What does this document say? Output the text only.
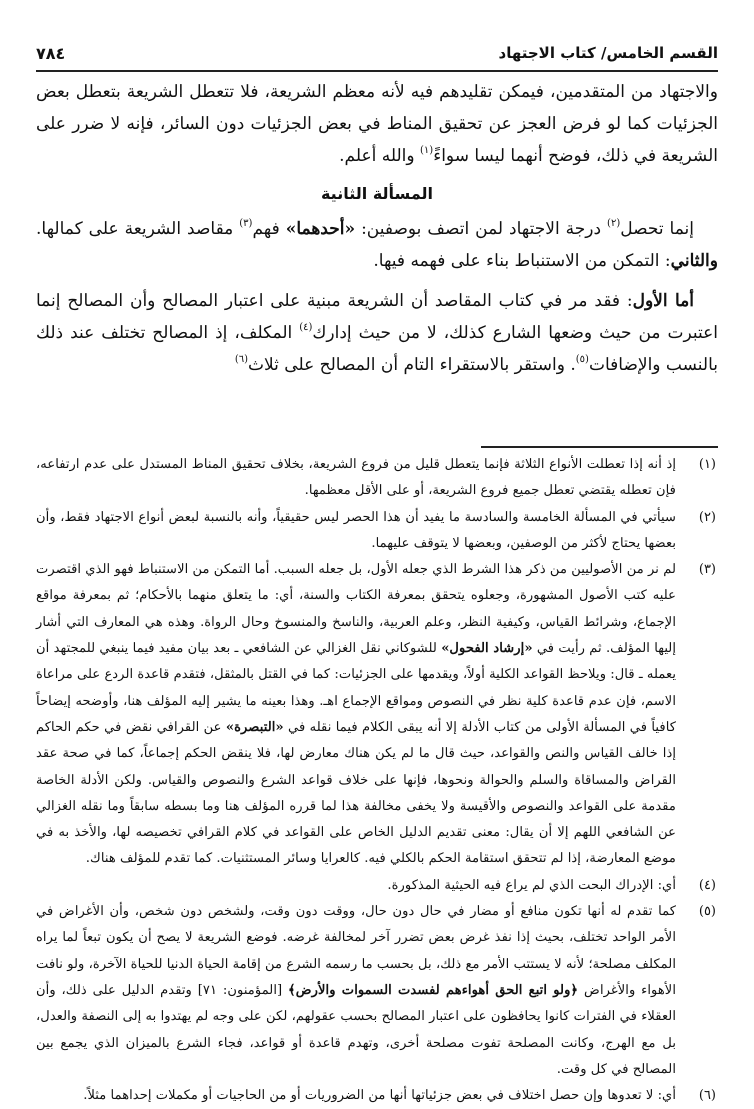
القسم الخامس/ كتاب الاجتهاد
٧٨٤

والاجتهاد من المتقدمين، فيمكن تقليدهم فيه لأنه معظم الشريعة، فلا تتعطل الشريعة بتعطل بعض الجزئيات كما لو فرض العجز عن تحقيق المناط في بعض الجزئيات دون السائر، فإنه لا ضرر على الشريعة في ذلك، فوضح أنهما ليسا سواءً$^{(١)}$ والله أعلم.

المسألة الثانية

إنما تحصل$^{(٢)}$ درجة الاجتهاد لمن اتصف بوصفين: «أحدهما» فهم$^{(٣)}$ مقاصد الشريعة على كمالها. والثاني: التمكن من الاستنباط بناء على فهمه فيها.

أما الأول: فقد مر في كتاب المقاصد أن الشريعة مبنية على اعتبار المصالح وأن المصالح إنما اعتبرت من حيث وضعها الشارع كذلك، لا من حيث إدارك$^{(٤)}$ المكلف، إذ المصالح تختلف عند ذلك بالنسب والإضافات$^{(٥)}$. واستقر بالاستقراء التام أن المصالح على ثلاث$^{(٦)}$

(١)
إذ أنه إذا تعطلت الأنواع الثلاثة فإنما يتعطل قليل من فروع الشريعة، بخلاف تحقيق المناط المستدل على عدم ارتفاعه، فإن تعطله يقتضي تعطل جميع فروع الشريعة، أو على الأقل معظمها.
(٢)
سيأتي في المسألة الخامسة والسادسة ما يفيد أن هذا الحصر ليس حقيقياً، وأنه بالنسبة لبعض أنواع الاجتهاد فقط، وأن بعضها يحتاج لأكثر من الوصفين، وبعضها لا يتوقف عليهما.
(٣)
لم نر من الأصوليين من ذكر هذا الشرط الذي جعله الأول، بل جعله السبب. أما التمكن من الاستنباط فهو الذي اقتصرت عليه كتب الأصول المشهورة، وجعلوه يتحقق بمعرفة الكتاب والسنة، أي: ما يتعلق منهما بالأحكام؛ ثم بمعرفة مواقع الإجماع، وشرائط القياس، وكيفية النظر، وعلم العربية، والناسخ والمنسوخ وحال الرواة. وهذه هي المعارف التي أشار إليها المؤلف. ثم رأيت في «إرشاد الفحول» للشوكاني نقل الغزالي عن الشافعي ـ بعد بيان مفيد فيما ينبغي للمجتهد أن يعمله ـ قال: ويلاحظ القواعد الكلية أولاً، ويقدمها على الجزئيات: كما في القتل بالمثقل، فتقدم قاعدة الردع على مراعاة الاسم، فإن عدم قاعدة كلية نظر في النصوص ومواقع الإجماع اهـ. وهذا بعينه ما يشير إليه المؤلف هنا، وأوضحه إيضاحاً كافياً في المسألة الأولى من كتاب الأدلة إلا أنه يبقى الكلام فيما نقله في «التبصرة» عن القرافي نقض في حكم الحاكم إذا خالف القياس والنص والقواعد، حيث قال ما لم يكن هناك معارض لها، فلا ينقض الحكم إجماعاً، كما في صحة عقد القراض والمساقاة والسلم والحوالة ونحوها، فإنها على خلاف قواعد الشرع والنصوص والقياس. ولكن الأدلة الخاصة مقدمة على القواعد والنصوص والأقيسة ولا يخفى مخالفة هذا لما قرره المؤلف هنا وما بسطه سابقاً وما نقله الغزالي عن الشافعي اللهم إلا أن يقال: معنى تقديم الدليل الخاص على القواعد في كلام القرافي تخصيصه لها، والأخذ به في موضع المعارضة، إذا لم تتحقق استقامة الحكم بالكلي فيه. كالعرايا وسائر المستثنيات. كما تقدم للمؤلف هناك.
(٤)
أي: الإدراك البحت الذي لم يراع فيه الحيثية المذكورة.
(٥)
كما تقدم له أنها تكون منافع أو مضار في حال دون حال، ووقت دون وقت، ولشخص دون شخص، وأن الأغراض في الأمر الواحد تختلف، بحيث إذا نفذ غرض بعض تضرر آخر لمخالفة غرضه. فوضع الشريعة لا يصح أن يكون تبعاً لما يراه المكلف مصلحة؛ لأنه لا يستتب الأمر مع ذلك، بل بحسب ما رسمه الشرع من إقامة الحياة الدنيا للحياة الآخرة، ولو نافت الأهواء والأغراض ﴿ولو اتبع الحق أهواءهم لفسدت السموات والأرض﴾ [المؤمنون: ٧١] وتقدم الدليل على ذلك، وأن العقلاء في الفترات كانوا يحافظون على اعتبار المصالح بحسب عقولهم، لكن على وجه لم يهتدوا به إلى النصفة والعدل، بل مع الهرج، وكانت المصلحة تفوت مصلحة أخرى، وتهدم قاعدة أو قواعد، فجاء الشرع بالميزان الذي يجمع بين المصالح في كل وقت.
(٦)
أي: لا تعدوها وإن حصل اختلاف في بعض جزئياتها أنها من الضروريات أو من الحاجيات أو مكملات إحداهما مثلاً.
